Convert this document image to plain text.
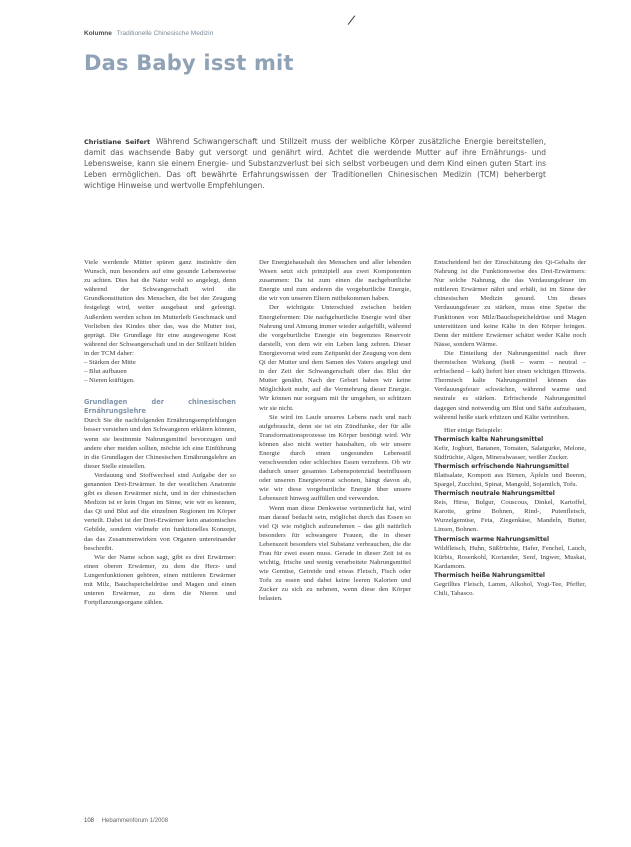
Kolumne Traditionelle Chinesische Medizin
/
Das Baby isst mit
Christiane Seifert Während Schwangerschaft und Stillzeit muss der weibliche Körper zusätzliche Energie bereitstellen, damit das wachsende Baby gut versorgt und genährt wird. Achtet die werdende Mutter auf ihre Ernährungs- und Lebensweise, kann sie einem Energie- und Substanzverlust bei sich selbst vorbeugen und dem Kind einen guten Start ins Leben ermöglichen. Das oft bewährte Erfahrungswissen der Traditionellen Chinesischen Medizin (TCM) beherbergt wichtige Hinweise und wertvolle Empfehlungen.

Viele werdende Mütter spüren ganz instinktiv den Wunsch, nun besonders auf eine gesunde Lebensweise zu achten. Dies hat die Natur wohl so angelegt, denn während der Schwangerschaft wird die Grundkonstitution des Menschen, die bei der Zeugung festgelegt wird, weiter ausgebaut und gefestigt. Außerdem werden schon im Mutterleib Geschmack und Vorlieben des Kindes über das, was die Mutter isst, geprägt. Die Grundlage für eine ausgewogene Kost während der Schwangerschaft und in der Stillzeit bilden in der TCM daher:

– Stärken der Mitte
– Blut aufbauen
– Nieren kräftigen.
Grundlagen der chinesischen Ernährungslehre

Durch Sie die nachfolgenden Ernährungsempfehlungen besser verstehen und den Schwangeren erklären können, wenn sie bestimmte Nahrungsmittel bevorzugen und andere eher meiden sollten, möchte ich eine Einführung in die Grundlagen der Chinesischen Ernährungslehre an dieser Stelle einstellen.

Verdauung und Stoffwechsel sind Aufgabe der so genannten Drei-Erwärmer. In der westlichen Anatomie gibt es diesen Erwärmer nicht, und in der chinesischen Medizin ist er kein Organ im Sinne, wie wir es kennen, das Qi und Blut auf die einzelnen Regionen im Körper verteilt. Dabei ist der Drei-Erwärmer kein anatomisches Gebilde, sondern vielmehr ein funktionelles Konzept, das das Zusammenwirken von Organen untereinander beschreibt.

Wie der Name schon sagt, gibt es drei Erwärmer: einen oberen Erwärmer, zu dem die Herz- und Lungenfunktionen gehören, einen mittleren Erwärmer mit Milz, Bauchspeicheldrüse und Magen und einen unteren Erwärmer, zu dem die Nieren und Fortpflanzungsorgane zählen.

Der Energiehaushalt des Menschen und aller lebenden Wesen setzt sich prinzipiell aus zwei Komponenten zusammen: Da ist zum einen die nachgeburtliche Energie und zum anderen die vorgeburtliche Energie, die wir von unseren Eltern mitbekommen haben.

Der wichtigste Unterschied zwischen beiden Energieformen: Die nachgeburtliche Energie wird über Nahrung und Atmung immer wieder aufgefüllt, während die vorgeburtliche Energie ein begrenztes Reservoir darstellt, von dem wir ein Leben lang zehren. Dieser Energievorrat wird zum Zeitpunkt der Zeugung von dem Qi der Mutter und dem Samen des Vaters angelegt und in der Zeit der Schwangerschaft über das Blut der Mutter genährt. Nach der Geburt haben wir keine Möglichkeit mehr, auf die Vermehrung dieser Energie. Wir können nur sorgsam mit ihr umgehen, so schützen wir sie nicht.

Sie wird im Laufe unseres Lebens nach und nach aufgebraucht, denn sie ist ein Zündfunke, der für alle Transformationsprozesse im Körper benötigt wird. Wir können also nicht weiter haushalten, ob wir unsere Energie durch einen ungesunden Lebensstil verschwenden oder schlechtes Essen verzehren. Ob wir dadurch unser gesamtes Lebenspotenzial beeinflussen oder unseren Energievorrat schonen, hängt davon ab, wie wir diese vorgeburtliche Energie über unsere Lebenszeit hinweg auffüllen und verwenden.

Wenn man diese Denkweise verinnerlicht hat, wird man darauf bedacht sein, möglichst durch das Essen so viel Qi wie möglich aufzunehmen – das gilt natürlich besonders für schwangere Frauen, die in dieser Lebenszeit besonders viel Substanz verbrauchen, die die Frau für zwei essen muss. Gerade in dieser Zeit ist es wichtig, frische und wenig verarbeitete Nahrungsmittel wie Gemüse, Getreide und etwas Fleisch, Fisch oder Tofu zu essen und dabei keine leeren Kalorien und Zucker zu sich zu nehmen, wenn diese den Körper belasten.

Entscheidend bei der Einschätzung des Qi-Gehalts der Nahrung ist die Funktionsweise des Drei-Erwärmers: Nur solche Nahrung, die das Verdauungsfeuer im mittleren Erwärmer nährt und erhält, ist im Sinne der chinesischen Medizin gesund. Um dieses Verdauungsfeuer zu stärken, muss eine Speise die Funktionen von Milz/Bauchspeicheldrüse und Magen unterstützen und keine Kälte in den Körper bringen. Denn der mittlere Erwärmer schätzt weder Kälte noch Nässe, sondern Wärme.

Die Einteilung der Nahrungsmittel nach ihrer thermischen Wirkung (heiß – warm – neutral – erfrischend – kalt) liefert hier einen wichtigen Hinweis. Thermisch kalte Nahrungsmittel können das Verdauungsfeuer schwächen, während warme und neutrale es stärken. Erfrischende Nahrungsmittel dagegen sind notwendig um Blut und Säfte aufzubauen, während heiße stark erhitzen und Kälte vertreiben.

Hier einige Beispiele:

Thermisch kalte Nahrungsmittel

Kefir, Joghurt, Bananen, Tomaten, Salatgurke, Melone, Südfrüchte, Algen, Mineralwasser, weißer Zucker.

Thermisch erfrischende Nahrungsmittel

Blattsalate, Kompott aus Birnen, Äpfeln und Beeren, Spargel, Zucchini, Spinat, Mangold, Sojamilch, Tofu.

Thermisch neutrale Nahrungsmittel

Reis, Hirse, Bulgur, Couscous, Dinkel, Kartoffel, Karotte, grüne Bohnen, Rind-, Putenfleisch, Wurzelgemüse, Feta, Ziegenkäse, Mandeln, Butter, Linsen, Bohnen.

Thermisch warme Nahrungsmittel

Wildfleisch, Huhn, Süßfrüchte, Hafer, Fenchel, Lauch, Kürbis, Rosenkohl, Koriander, Senf, Ingwer, Muskat, Kardamom.

Thermisch heiße Nahrungsmittel

Gegrilltes Fleisch, Lamm, Alkohol, Yogi-Tee, Pfeffer, Chili, Tabasco.

108 Hebammenforum 1/2008
